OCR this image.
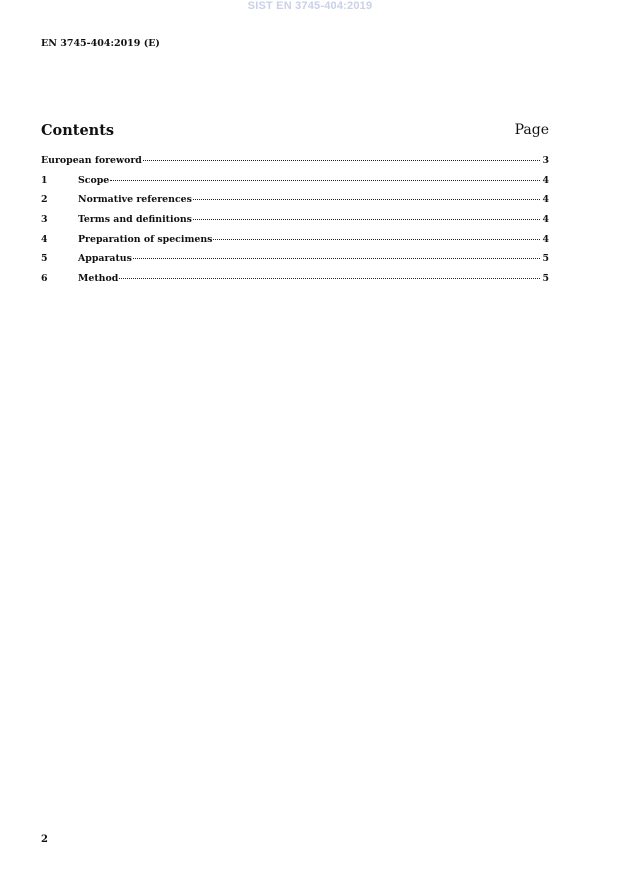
SIST EN 3745-404:2019
EN 3745-404:2019 (E)
Contents	Page
European foreword	3
1	Scope	4
2	Normative references	4
3	Terms and definitions	4
4	Preparation of specimens	4
5	Apparatus	5
6	Method	5
2
